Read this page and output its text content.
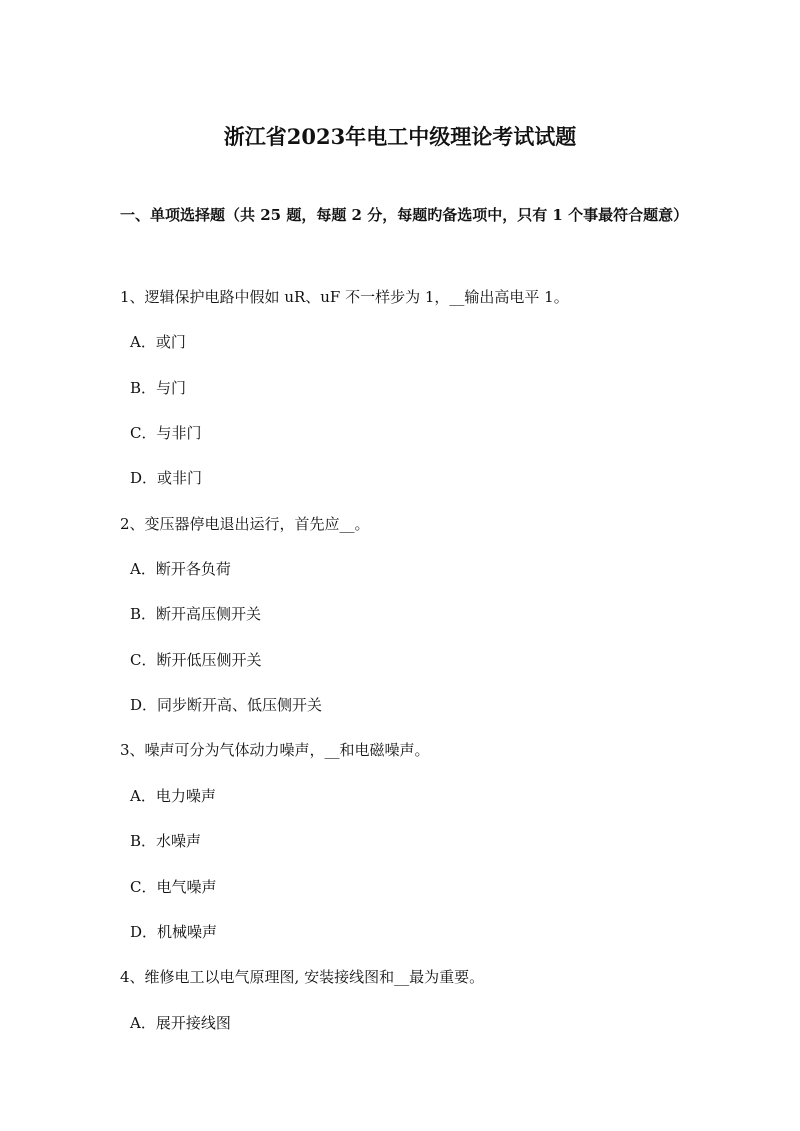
浙江省2023年电工中级理论考试试题
一、单项选择题（共 25 题，每题 2 分，每题旳备选项中，只有 1 个事最符合题意）
1、逻辑保护电路中假如 uR、uF 不一样步为 1，__输出高电平 1。
A．或门
B．与门
C．与非门
D．或非门
2、变压器停电退出运行，首先应__。
A．断开各负荷
B．断开高压侧开关
C．断开低压侧开关
D．同步断开高、低压侧开关
3、噪声可分为气体动力噪声，__和电磁噪声。
A．电力噪声
B．水噪声
C．电气噪声
D．机械噪声
4、维修电工以电气原理图, 安装接线图和__最为重要。
A．展开接线图
